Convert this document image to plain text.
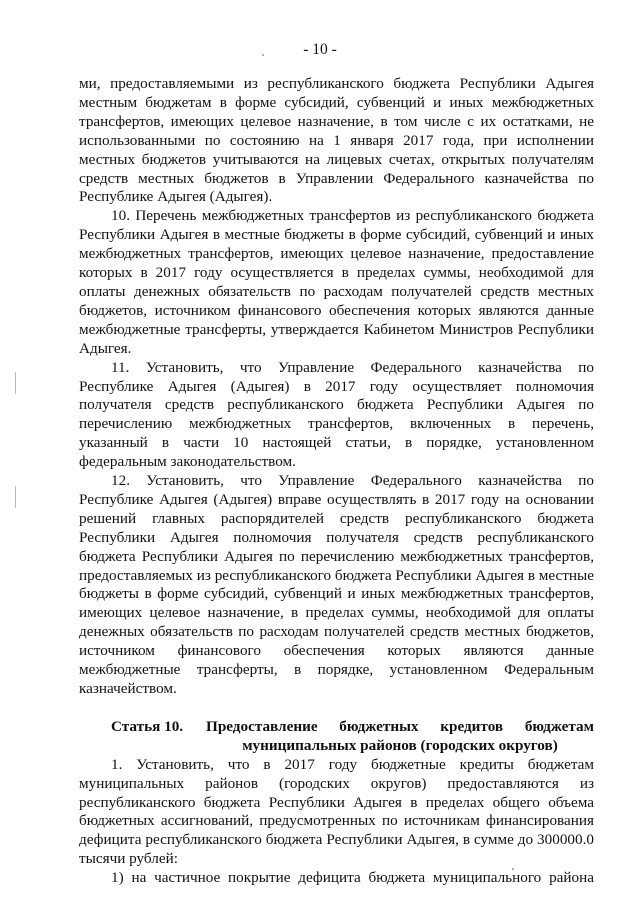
- 10 -

ми, предоставляемыми из республиканского бюджета Республики Адыгея местным бюджетам в форме субсидий, субвенций и иных межбюджетных трансфертов, имеющих целевое назначение, в том числе с их остатками, не использованными по состоянию на 1 января 2017 года, при исполнении местных бюджетов учитываются на лицевых счетах, открытых получателям средств местных бюджетов в Управлении Федерального казначейства по Республике Адыгея (Адыгея).

10. Перечень межбюджетных трансфертов из республиканского бюджета Республики Адыгея в местные бюджеты в форме субсидий, субвенций и иных межбюджетных трансфертов, имеющих целевое назначение, предоставление которых в 2017 году осуществляется в пределах суммы, необходимой для оплаты денежных обязательств по расходам получателей средств местных бюджетов, источником финансового обеспечения которых являются данные межбюджетные трансферты, утверждается Кабинетом Министров Республики Адыгея.

11. Установить, что Управление Федерального казначейства по Республике Адыгея (Адыгея) в 2017 году осуществляет полномочия получателя средств республиканского бюджета Республики Адыгея по перечислению межбюджетных трансфертов, включенных в перечень, указанный в части 10 настоящей статьи, в порядке, установленном федеральным законодательством.

12. Установить, что Управление Федерального казначейства по Республике Адыгея (Адыгея) вправе осуществлять в 2017 году на основании решений главных распорядителей средств республиканского бюджета Республики Адыгея полномочия получателя средств республиканского бюджета Республики Адыгея по перечислению межбюджетных трансфертов, предоставляемых из республиканского бюджета Республики Адыгея в местные бюджеты в форме субсидий, субвенций и иных межбюджетных трансфертов, имеющих целевое назначение, в пределах суммы, необходимой для оплаты денежных обязательств по расходам получателей средств местных бюджетов, источником финансового обеспечения которых являются данные межбюджетные трансферты, в порядке, установленном Федеральным казначейством.

Статья 10.	Предоставление бюджетных кредитов бюджетам муниципальных районов (городских округов)

1. Установить, что в 2017 году бюджетные кредиты бюджетам муниципальных районов (городских округов) предоставляются из республиканского бюджета Республики Адыгея в пределах общего объема бюджетных ассигнований, предусмотренных по источникам финансирования дефицита республиканского бюджета Республики Адыгея, в сумме до 300000.0 тысячи рублей:

1) на частичное покрытие дефицита бюджета муниципального района
